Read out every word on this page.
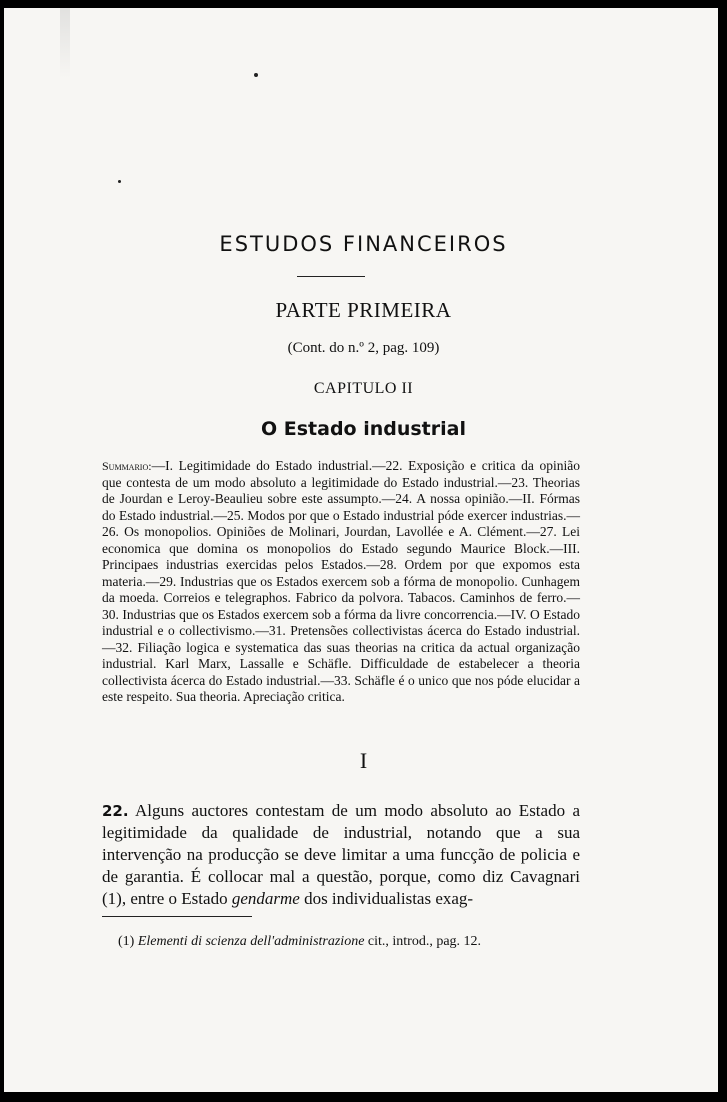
ESTUDOS FINANCEIROS
PARTE PRIMEIRA
(Cont. do n.º 2, pag. 109)
CAPITULO II
O Estado industrial
Summario:—I. Legitimidade do Estado industrial.—22. Exposição e critica da opinião que contesta de um modo absoluto a legitimidade do Estado industrial.—23. Theorias de Jourdan e Leroy-Beaulieu sobre este assumpto.—24. A nossa opinião.—II. Fórmas do Estado industrial.—25. Modos por que o Estado industrial póde exercer industrias.—26. Os monopolios. Opiniões de Molinari, Jourdan, Lavollée e A. Clément.—27. Lei economica que domina os monopolios do Estado segundo Maurice Block.—III. Principaes industrias exercidas pelos Estados.—28. Ordem por que expomos esta materia.—29. Industrias que os Estados exercem sob a fórma de monopolio. Cunhagem da moeda. Correios e telegraphos. Fabrico da polvora. Tabacos. Caminhos de ferro.—30. Industrias que os Estados exercem sob a fórma da livre concorrencia.—IV. O Estado industrial e o collectivismo.—31. Pretensões collectivistas ácerca do Estado industrial. —32. Filiação logica e systematica das suas theorias na critica da actual organização industrial. Karl Marx, Lassalle e Schäfle. Difficuldade de estabelecer a theoria collectivista ácerca do Estado industrial.—33. Schäfle é o unico que nos póde elucidar a este respeito. Sua theoria. Apreciação critica.
I
22. Alguns auctores contestam de um modo absoluto ao Estado a legitimidade da qualidade de industrial, notando que a sua intervenção na producção se deve limitar a uma funcção de policia e de garantia. É collocar mal a questão, porque, como diz Cavagnari (1), entre o Estado gendarme dos individualistas exag-
(1) Elementi di scienza dell'administrazione cit., introd., pag. 12.
